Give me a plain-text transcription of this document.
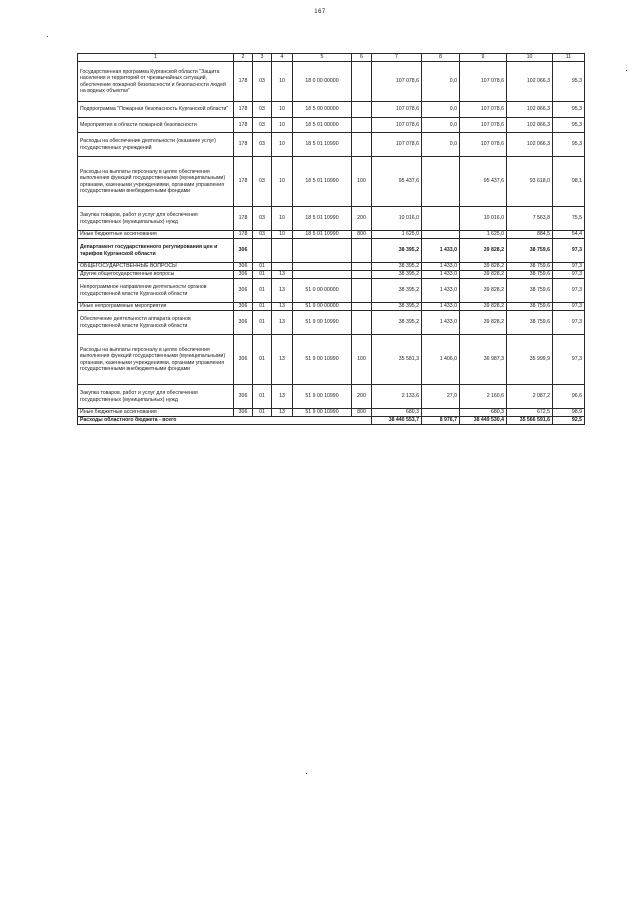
167
1	2	3	4	5	6	7	8	9	10	11
Государственная программа Курганской области "Защита населения и территорий от чрезвычайных ситуаций, обеспечение пожарной безопасности и безопасности людей на водных объектах"	178	03	10	18 0 00 00000		107 078,6	0,0	107 078,6	102 066,3	95,3
Подпрограмма "Пожарная безопасность Курганской области"	178	03	10	18 5 00 00000		107 078,6	0,0	107 078,6	102 066,3	95,3
Мероприятия в области пожарной безопасности	178	03	10	18 5 01 00000		107 078,6	0,0	107 078,6	102 066,3	95,3
Расходы на обеспечение деятельности (оказание услуг) государственных учреждений	178	03	10	18 5 01 10990		107 078,6	0,0	107 078,6	102 066,3	95,3
Расходы на выплаты персоналу в целях обеспечения выполнения функций государственными (муниципальными) органами, казенными учреждениями, органами управления государственными внебюджетными фондами	178	03	10	18 5 01 10990	100	95 437,6		95 437,6	93 618,0	98,1
Закупка товаров, работ и услуг для обеспечения государственных (муниципальных) нужд	178	03	10	18 5 01 10990	200	10 016,0		10 016,0	7 563,8	75,5
Иные бюджетные ассигнования	178	03	10	18 5 01 10990	800	1 625,0		1 625,0	884,5	54,4
Департамент государственного регулирования цен и тарифов Курганской области	306					38 395,2	1 433,0	39 828,2	38 759,6	97,3
ОБЩЕГОСУДАРСТВЕННЫЕ ВОПРОСЫ	306	01				38 395,2	1 433,0	39 828,2	38 759,6	97,3
Другие общегосударственные вопросы	306	01	13			38 395,2	1 433,0	39 828,2	38 759,6	97,3
Непрограммное направление деятельности органов государственной власти Курганской области	306	01	13	51 0 00 00000		38 395,2	1 433,0	39 828,2	38 759,6	97,3
Иные непрограммные мероприятия	306	01	13	51 9 00 00000		38 395,2	1 433,0	39 828,2	38 759,6	97,3
Обеспечение деятельности аппарата органов государственной власти Курганской области	306	01	13	51 9 00 10990		38 395,2	1 433,0	39 828,2	38 759,6	97,3
Расходы на выплаты персоналу в целях обеспечения выполнения функций государственными (муниципальными) органами, казенными учреждениями, органами управления государственными внебюджетными фондами	306	01	13	51 9 00 10990	100	35 581,3	1 406,0	36 987,3	35 999,9	97,3
Закупка товаров, работ и услуг для обеспечения государственных (муниципальных) нужд	306	01	13	51 9 00 10990	200	2 133,6	27,0	2 160,6	2 087,2	96,6
Иные бюджетные ассигнования	306	01	13	51 9 00 10990	800	680,3		680,3	672,5	98,9
Расходы областного бюджета - всего						38 440 553,7	8 976,7	38 449 530,4	35 566 591,6	92,5
